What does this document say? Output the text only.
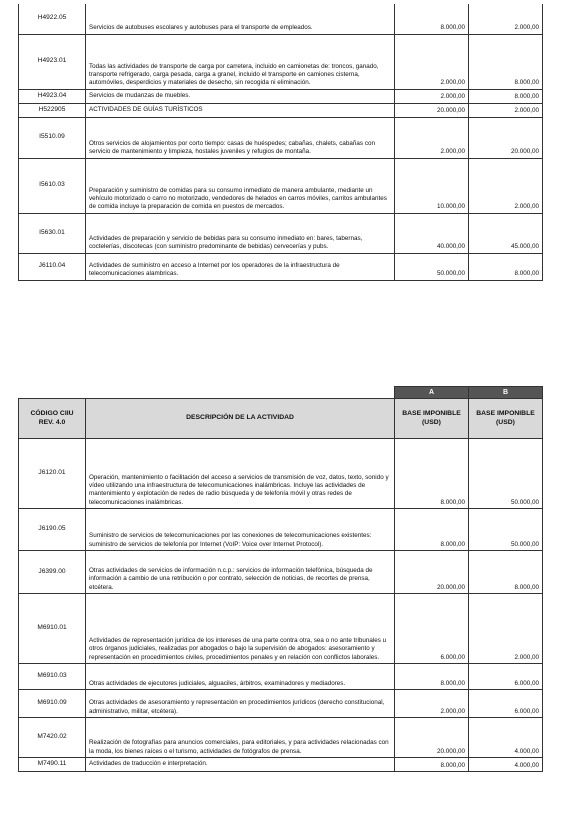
H4922.05	Servicios de autobuses escolares y autobuses para el transporte de empleados.	8.000,00	2.000,00
H4923.01	Todas las actividades de transporte de carga por carretera, incluido en camionetas de: troncos, ganado, transporte refrigerado, carga pesada, carga a granel, incluido el transporte en camiones cisterna, automóviles, desperdicios y materiales de desecho, sin recogida ni eliminación.	2.000,00	8.000,00
H4923.04	Servicios de mudanzas de muebles.	2.000,00	8.000,00
H522905	ACTIVIDADES DE GUÍAS TURÍSTICOS	20.000,00	2.000,00
I5510.09	Otros servicios de alojamientos por corto tiempo: casas de huéspedes; cabañas, chalets, cabañas con servicio de mantenimiento y limpieza, hostales juveniles y refugios de montaña.	2.000,00	20.000,00
I5610.03	Preparación y suministro de comidas para su consumo inmediato de manera ambulante, mediante un vehículo motorizado o carro no motorizado, vendedores de helados en carros móviles, carritos ambulantes de comida incluye la preparación de comida en puestos de mercados.	10.000,00	2.000,00
I5630.01	Actividades de preparación y servicio de bebidas para su consumo inmediato en: bares, tabernas, coctelerías, discotecas (con suministro predominante de bebidas) cervecerías y pubs.	40.000,00	45.000,00
J6110.04	Actividades de suministro en acceso a Internet por los operadores de la infraestructura de telecomunicaciones alambricas.	50.000,00	8.000,00
		A	B
CÓDIGO CIIU REV. 4.0	DESCRIPCIÓN DE LA ACTIVIDAD	BASE IMPONIBLE (USD)	BASE IMPONIBLE (USD)
J6120.01	Operación, mantenimiento o facilitación del acceso a servicios de transmisión de voz, datos, texto, sonido y vídeo utilizando una infraestructura de telecomunicaciones inalámbricas. Incluye las actividades de mantenimiento y explotación de redes de radio búsqueda y de telefonía móvil y otras redes de telecomunicaciones inalámbricas.	8.000,00	50.000,00
J6190.05	Suministro de servicios de telecomunicaciones por las conexiones de telecomunicaciones existentes: suministro de servicios de telefonía por Internet (VoIP: Voice over Internet Protocol).	8.000,00	50.000,00
J6399.00	Otras actividades de servicios de información n.c.p.: servicios de información telefónica, búsqueda de información a cambio de una retribución o por contrato, selección de noticias, de recortes de prensa, etcétera.	20.000,00	8.000,00
M6910.01	Actividades de representación jurídica de los intereses de una parte contra otra, sea o no ante tribunales u otros órganos judiciales, realizadas por abogados o bajo la supervisión de abogados: asesoramiento y representación en procedimientos civiles, procedimientos penales y en relación con conflictos laborales.	6.000,00	2.000,00
M6910.03	Otras actividades de ejecutores judiciales, alguaciles, árbitros, examinadores y mediadores.	8.000,00	6.000,00
M6910.09	Otras actividades de asesoramiento y representación en procedimientos jurídicos (derecho constitucional, administrativo, militar, etcétera).	2.000,00	6.000,00
M7420.02	Realización de fotografías para anuncios comerciales, para editoriales, y para actividades relacionadas con la moda, los bienes raíces o el turismo, actividades de fotógrafos de prensa.	20.000,00	4.000,00
M7490.11	Actividades de traducción e interpretación.	8.000,00	4.000,00
